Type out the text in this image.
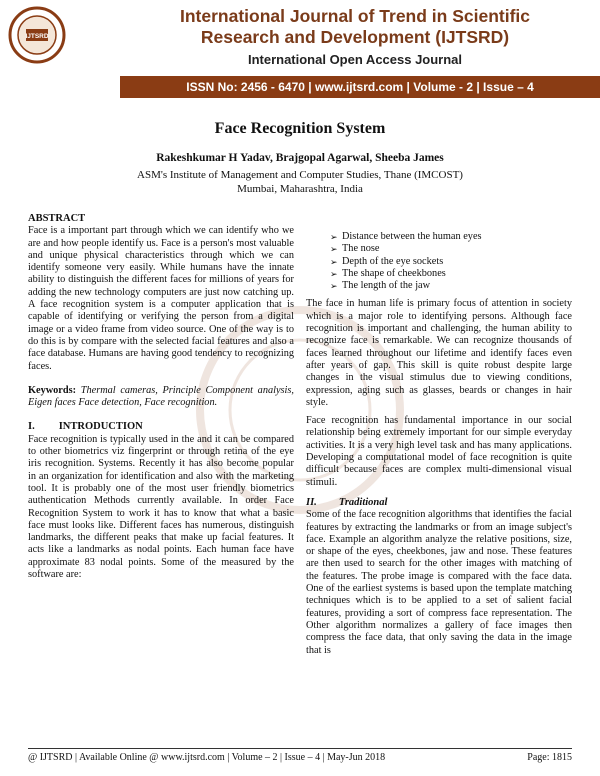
IJTSRD
International Journal of Trend in Scientific Research and Development (IJTSRD)
International Open Access Journal
ISSN No: 2456 - 6470 | www.ijtsrd.com | Volume - 2 | Issue – 4
Face Recognition System
Rakeshkumar H Yadav, Brajgopal Agarwal, Sheeba James
ASM's Institute of Management and Computer Studies, Thane (IMCOST)
Mumbai, Maharashtra, India
ABSTRACT

Face is a important part through which we can identify who we are and how people identify us. Face is a person's most valuable and unique physical characteristics through which we can identify someone very easily. While humans have the innate ability to distinguish the different faces for millions of years for adding the new technology computers are just now catching up. A face recognition system is a computer application that is capable of identifying or verifying the person from a digital image or a video frame from video source. One of the way is to do this is by compare with the selected facial features and also a face database. Humans are having good tendency to recognizing faces.

Keywords: Thermal cameras, Principle Component analysis, Eigen faces Face detection, Face recognition.

I. INTRODUCTION

Face recognition is typically used in the and it can be compared to other biometrics viz fingerprint or through retina of the eye iris recognition. Systems. Recently it has also become popular in an organization for identification and also with the marketing tool. It is probably one of the most user friendly biometrics authentication Methods currently available. In order Face Recognition System to work it has to know that what a basic face must looks like. Different faces has numerous, distinguish landmarks, the different peaks that make up facial features. It acts like a landmarks as nodal points. Each human face have approximate 83 nodal points. Some of the measured by the software are:

➢ Distance between the human eyes
➢ The nose
➢ Depth of the eye sockets
➢ The shape of cheekbones
➢ The length of the jaw

The face in human life is primary focus of attention in society which is a major role to identifying persons. Although face recognition is important and challenging, the human ability to recognize face is remarkable. We can recognize thousands of faces learned throughout our lifetime and identify faces even after years of gap. This skill is quite robust despite large changes in the visual stimulus due to viewing conditions, expression, aging such as glasses, beards or changes in hair style.

Face recognition has fundamental importance in our social relationship being extremely important for our simple everyday activities. It is a very high level task and has many applications. Developing a computational model of face recognition is quite difficult because faces are complex multi-dimensional visual stimuli.

II. Traditional

Some of the face recognition algorithms that identifies the facial features by extracting the landmarks or from an image subject's face. Example an algorithm analyze the relative positions, size, or shape of the eyes, cheekbones, jaw and nose. These features are then used to search for the other images with matching of the features. The probe image is compared with the face data. One of the earliest systems is based upon the template matching techniques which is to be applied to a set of salient facial features, providing a sort of compress face representation. The Other algorithm normalizes a gallery of face images then compress the face data, that only saving the data in the image that is

@ IJTSRD | Available Online @ www.ijtsrd.com | Volume – 2 | Issue – 4 | May-Jun 2018	Page: 1815
